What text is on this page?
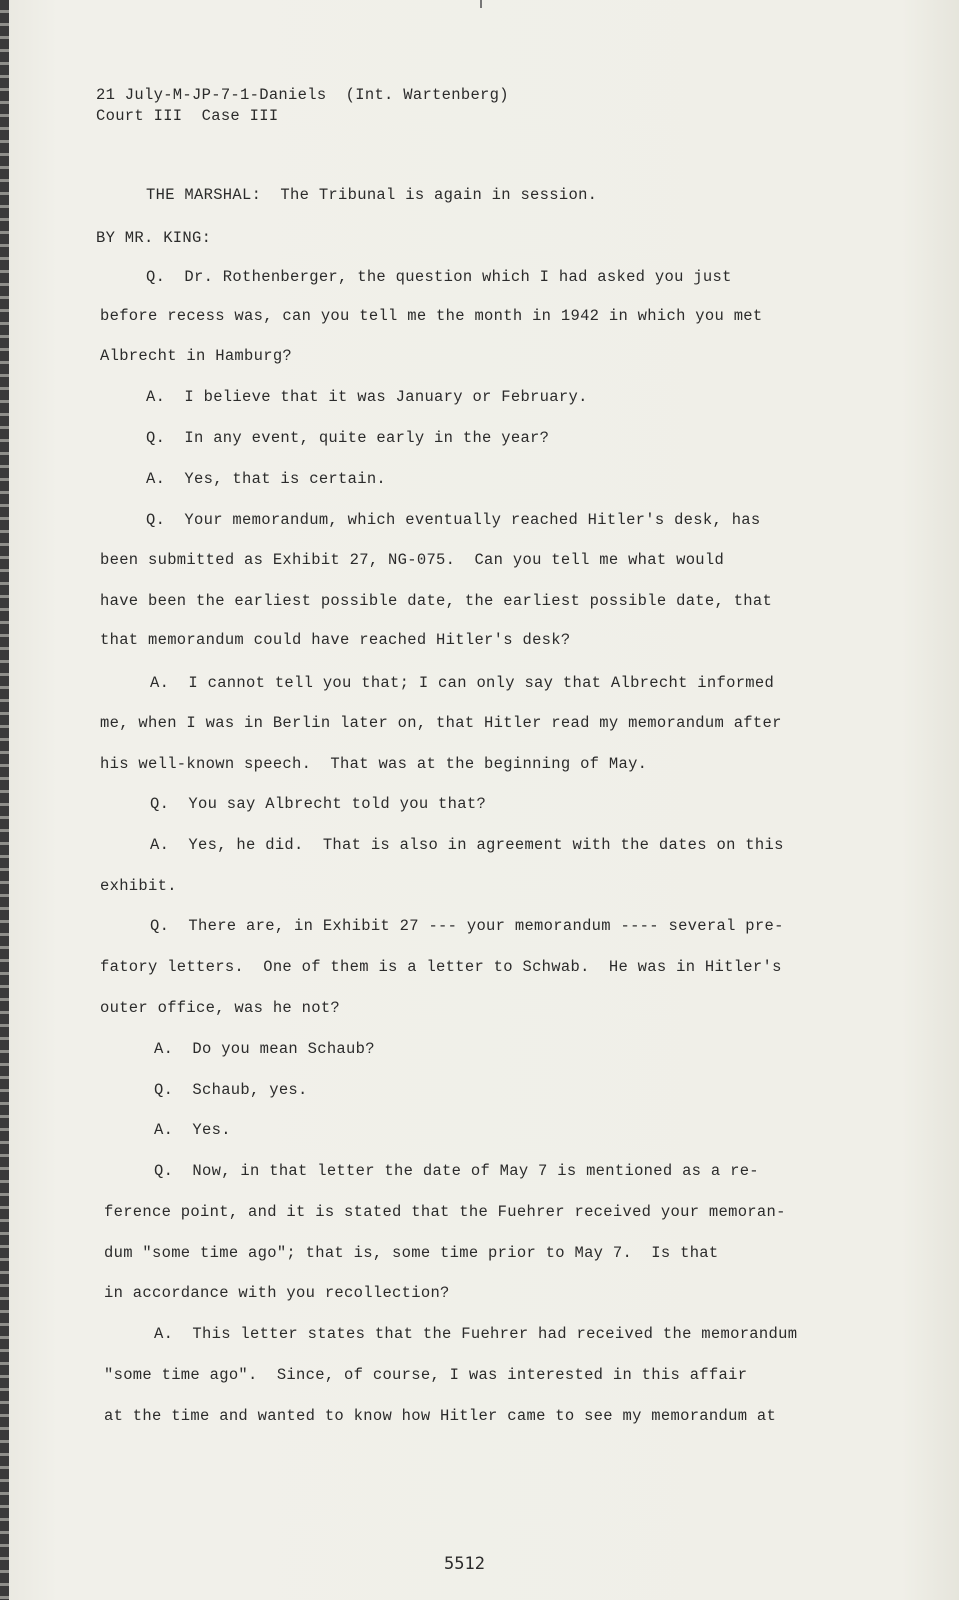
21 July-M-JP-7-1-Daniels  (Int. Wartenberg)
Court III  Case III
THE MARSHAL:  The Tribunal is again in session.
BY MR. KING:
Q.  Dr. Rothenberger, the question which I had asked you just
before recess was, can you tell me the month in 1942 in which you met
Albrecht in Hamburg?
A.  I believe that it was January or February.
Q.  In any event, quite early in the year?
A.  Yes, that is certain.
Q.  Your memorandum, which eventually reached Hitler's desk, has
been submitted as Exhibit 27, NG-075.  Can you tell me what would
have been the earliest possible date, the earliest possible date, that
that memorandum could have reached Hitler's desk?
A.  I cannot tell you that; I can only say that Albrecht informed
me, when I was in Berlin later on, that Hitler read my memorandum after
his well-known speech.  That was at the beginning of May.
Q.  You say Albrecht told you that?
A.  Yes, he did.  That is also in agreement with the dates on this
exhibit.
Q.  There are, in Exhibit 27 --- your memorandum ---- several pre-
fatory letters.  One of them is a letter to Schwab.  He was in Hitler's
outer office, was he not?
A.  Do you mean Schaub?
Q.  Schaub, yes.
A.  Yes.
Q.  Now, in that letter the date of May 7 is mentioned as a re-
ference point, and it is stated that the Fuehrer received your memoran-
dum "some time ago"; that is, some time prior to May 7.  Is that
in accordance with you recollection?
A.  This letter states that the Fuehrer had received the memorandum
"some time ago".  Since, of course, I was interested in this affair
at the time and wanted to know how Hitler came to see my memorandum at
5512
